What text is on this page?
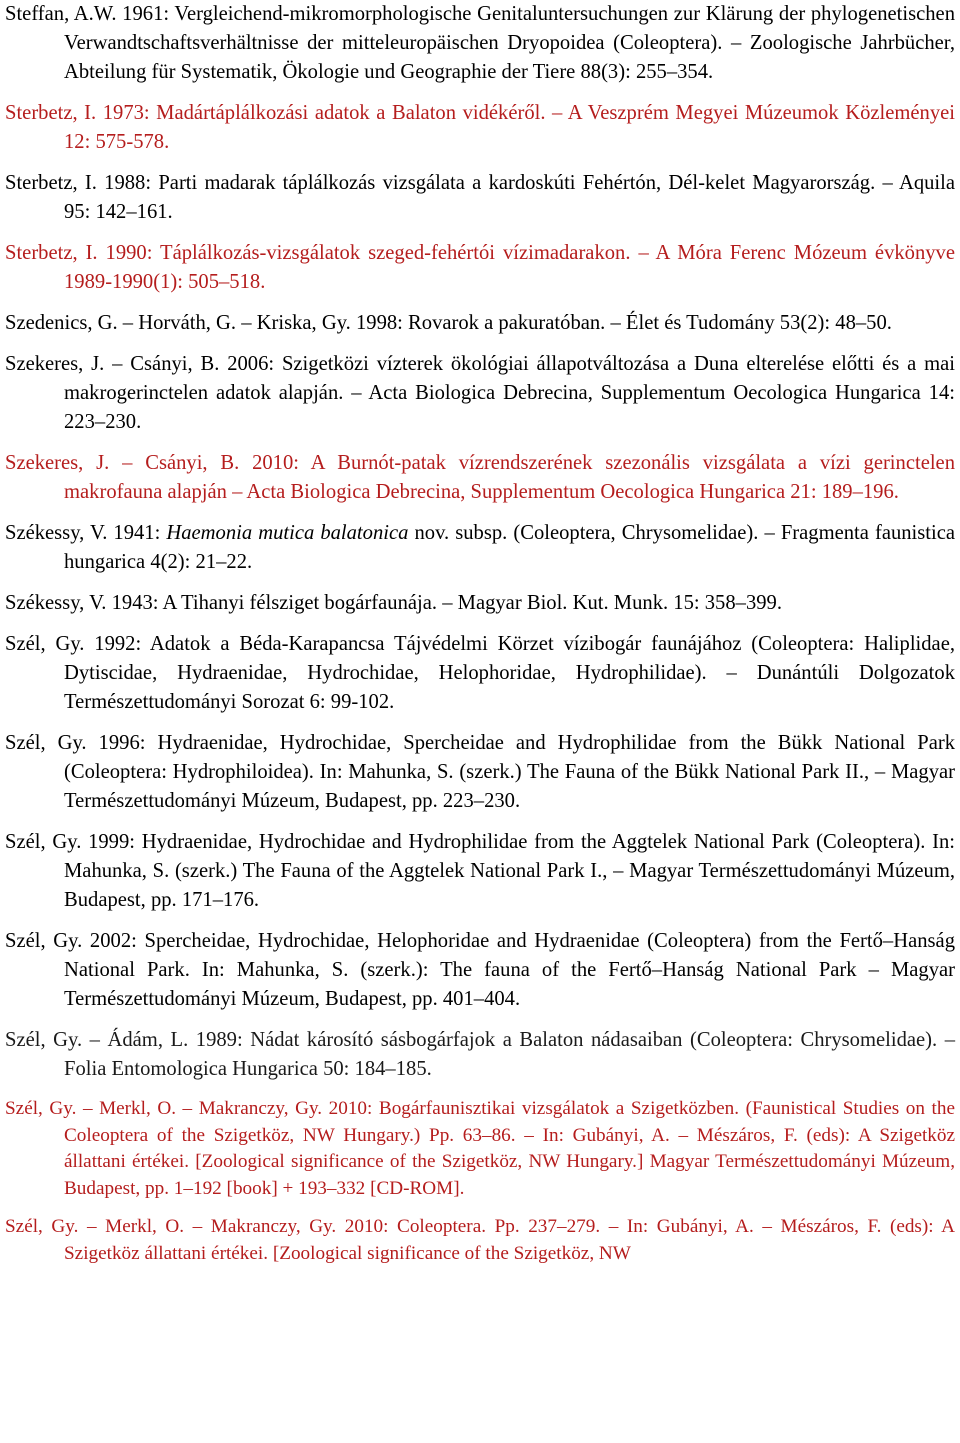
Steffan, A.W. 1961: Vergleichend-mikromorphologische Genitaluntersuchungen zur Klärung der phylogenetischen Verwandtschaftsverhältnisse der mitteleuropäischen Dryopoidea (Coleoptera). – Zoologische Jahrbücher, Abteilung für Systematik, Ökologie und Geographie der Tiere 88(3): 255–354.

Sterbetz, I. 1973: Madártáplálkozási adatok a Balaton vidékéről. – A Veszprém Megyei Múzeumok Közleményei 12: 575-578.

Sterbetz, I. 1988: Parti madarak táplálkozás vizsgálata a kardoskúti Fehértón, Dél-kelet Magyarország. – Aquila 95: 142–161.

Sterbetz, I. 1990: Táplálkozás-vizsgálatok szeged-fehértói vízimadarakon. – A Móra Ferenc Mózeum évkönyve 1989-1990(1): 505–518.

Szedenics, G. – Horváth, G. – Kriska, Gy. 1998: Rovarok a pakuratóban. – Élet és Tudomány 53(2): 48–50.

Szekeres, J. – Csányi, B. 2006: Szigetközi vízterek ökológiai állapotváltozása a Duna elterelése előtti és a mai makrogerinctelen adatok alapján. – Acta Biologica Debrecina, Supplementum Oecologica Hungarica 14: 223–230.

Szekeres, J. – Csányi, B. 2010: A Burnót-patak vízrendszerének szezonális vizsgálata a vízi gerinctelen makrofauna alapján – Acta Biologica Debrecina, Supplementum Oecologica Hungarica 21: 189–196.

Székessy, V. 1941: Haemonia mutica balatonica nov. subsp. (Coleoptera, Chrysomelidae). – Fragmenta faunistica hungarica 4(2): 21–22.

Székessy, V. 1943: A Tihanyi félsziget bogárfaunája. – Magyar Biol. Kut. Munk. 15: 358–399.

Szél, Gy. 1992: Adatok a Béda-Karapancsa Tájvédelmi Körzet vízibogár faunájához (Coleoptera: Haliplidae, Dytiscidae, Hydraenidae, Hydrochidae, Helophoridae, Hydrophilidae). – Dunántúli Dolgozatok Természettudományi Sorozat 6: 99-102.

Szél, Gy. 1996: Hydraenidae, Hydrochidae, Spercheidae and Hydrophilidae from the Bükk National Park (Coleoptera: Hydrophiloidea). In: Mahunka, S. (szerk.) The Fauna of the Bükk National Park II., – Magyar Természettudományi Múzeum, Budapest, pp. 223–230.

Szél, Gy. 1999: Hydraenidae, Hydrochidae and Hydrophilidae from the Aggtelek National Park (Coleoptera). In: Mahunka, S. (szerk.) The Fauna of the Aggtelek National Park I., – Magyar Természettudományi Múzeum, Budapest, pp. 171–176.

Szél, Gy. 2002: Spercheidae, Hydrochidae, Helophoridae and Hydraenidae (Coleoptera) from the Fertő–Hanság National Park. In: Mahunka, S. (szerk.): The fauna of the Fertő–Hanság National Park – Magyar Természettudományi Múzeum, Budapest, pp. 401–404.

Szél, Gy. – Ádám, L. 1989: Nádat károsító sásbogárfajok a Balaton nádasaiban (Coleoptera: Chrysomelidae). – Folia Entomologica Hungarica 50: 184–185.

Szél, Gy. – Merkl, O. – Makranczy, Gy. 2010: Bogárfaunisztikai vizsgálatok a Szigetközben. (Faunistical Studies on the Coleoptera of the Szigetköz, NW Hungary.) Pp. 63–86. – In: Gubányi, A. – Mészáros, F. (eds): A Szigetköz állattani értékei. [Zoological significance of the Szigetköz, NW Hungary.] Magyar Természettudományi Múzeum, Budapest, pp. 1–192 [book] + 193–332 [CD-ROM].

Szél, Gy. – Merkl, O. – Makranczy, Gy. 2010: Coleoptera. Pp. 237–279. – In: Gubányi, A. – Mészáros, F. (eds): A Szigetköz állattani értékei. [Zoological significance of the Szigetköz, NW
